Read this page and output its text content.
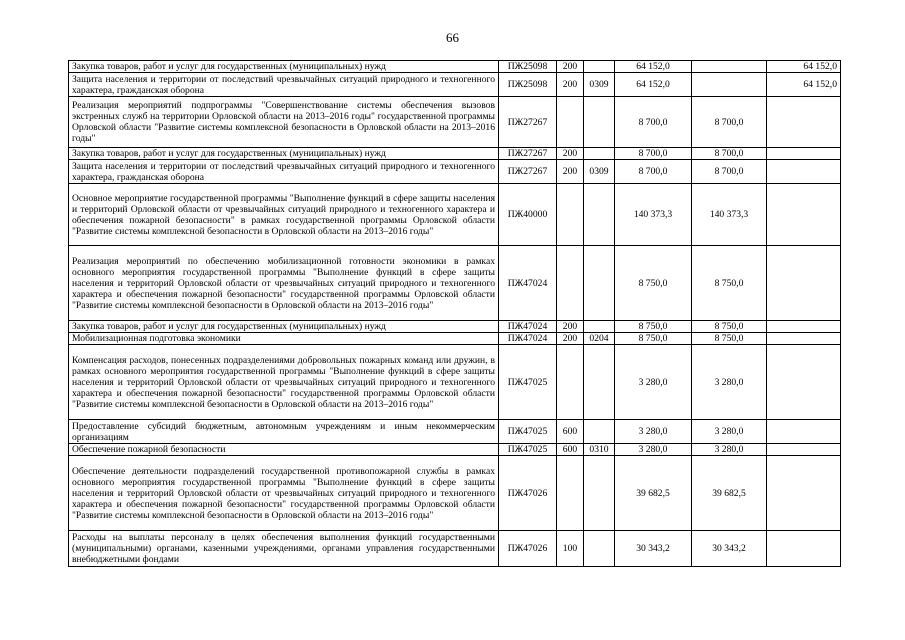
66
Закупка товаров, работ и услуг для государственных (муниципальных) нужд	ПЖ25098	200		64 152,0		64 152,0
Защита населения и территории от последствий чрезвычайных ситуаций природного и техногенного характера, гражданская оборона	ПЖ25098	200	0309	64 152,0		64 152,0
Реализация мероприятий подпрограммы "Совершенствование системы обеспечения вызовов экстренных служб на территории Орловской области на 2013–2016 годы" государственной программы Орловской области "Развитие системы комплексной безопасности в Орловской области на 2013–2016 годы"	ПЖ27267			8 700,0	8 700,0	
Закупка товаров, работ и услуг для государственных (муниципальных) нужд	ПЖ27267	200		8 700,0	8 700,0	
Защита населения и территории от последствий чрезвычайных ситуаций природного и техногенного характера, гражданская оборона	ПЖ27267	200	0309	8 700,0	8 700,0	
Основное мероприятие государственной программы "Выполнение функций в сфере защиты населения и территорий Орловской области от чрезвычайных ситуаций природного и техногенного характера и обеспечения пожарной безопасности" в рамках государственной программы Орловской области "Развитие системы комплексной безопасности в Орловской области на 2013–2016 годы"	ПЖ40000			140 373,3	140 373,3	
Реализация мероприятий по обеспечению мобилизационной готовности экономики в рамках основного мероприятия государственной программы "Выполнение функций в сфере защиты населения и территорий Орловской области от чрезвычайных ситуаций природного и техногенного характера и обеспечения пожарной безопасности" государственной программы Орловской области "Развитие системы комплексной безопасности в Орловской области на 2013–2016 годы"	ПЖ47024			8 750,0	8 750,0	
Закупка товаров, работ и услуг для государственных (муниципальных) нужд	ПЖ47024	200		8 750,0	8 750,0	
Мобилизационная подготовка экономики	ПЖ47024	200	0204	8 750,0	8 750,0	
Компенсация расходов, понесенных подразделениями добровольных пожарных команд или дружин, в рамках основного мероприятия государственной программы "Выполнение функций в сфере защиты населения и территорий Орловской области от чрезвычайных ситуаций природного и техногенного характера и обеспечения пожарной безопасности" государственной программы Орловской области "Развитие системы комплексной безопасности в Орловской области на 2013–2016 годы"	ПЖ47025			3 280,0	3 280,0	
Предоставление субсидий бюджетным, автономным учреждениям и иным некоммерческим организациям	ПЖ47025	600		3 280,0	3 280,0	
Обеспечение пожарной безопасности	ПЖ47025	600	0310	3 280,0	3 280,0	
Обеспечение деятельности подразделений государственной противопожарной службы в рамках основного мероприятия государственной программы "Выполнение функций в сфере защиты населения и территорий Орловской области от чрезвычайных ситуаций природного и техногенного характера и обеспечения пожарной безопасности" государственной программы Орловской области "Развитие системы комплексной безопасности в Орловской области на 2013–2016 годы"	ПЖ47026			39 682,5	39 682,5	
Расходы на выплаты персоналу в целях обеспечения выполнения функций государственными (муниципальными) органами, казенными учреждениями, органами управления государственными внебюджетными фондами	ПЖ47026	100		30 343,2	30 343,2	
